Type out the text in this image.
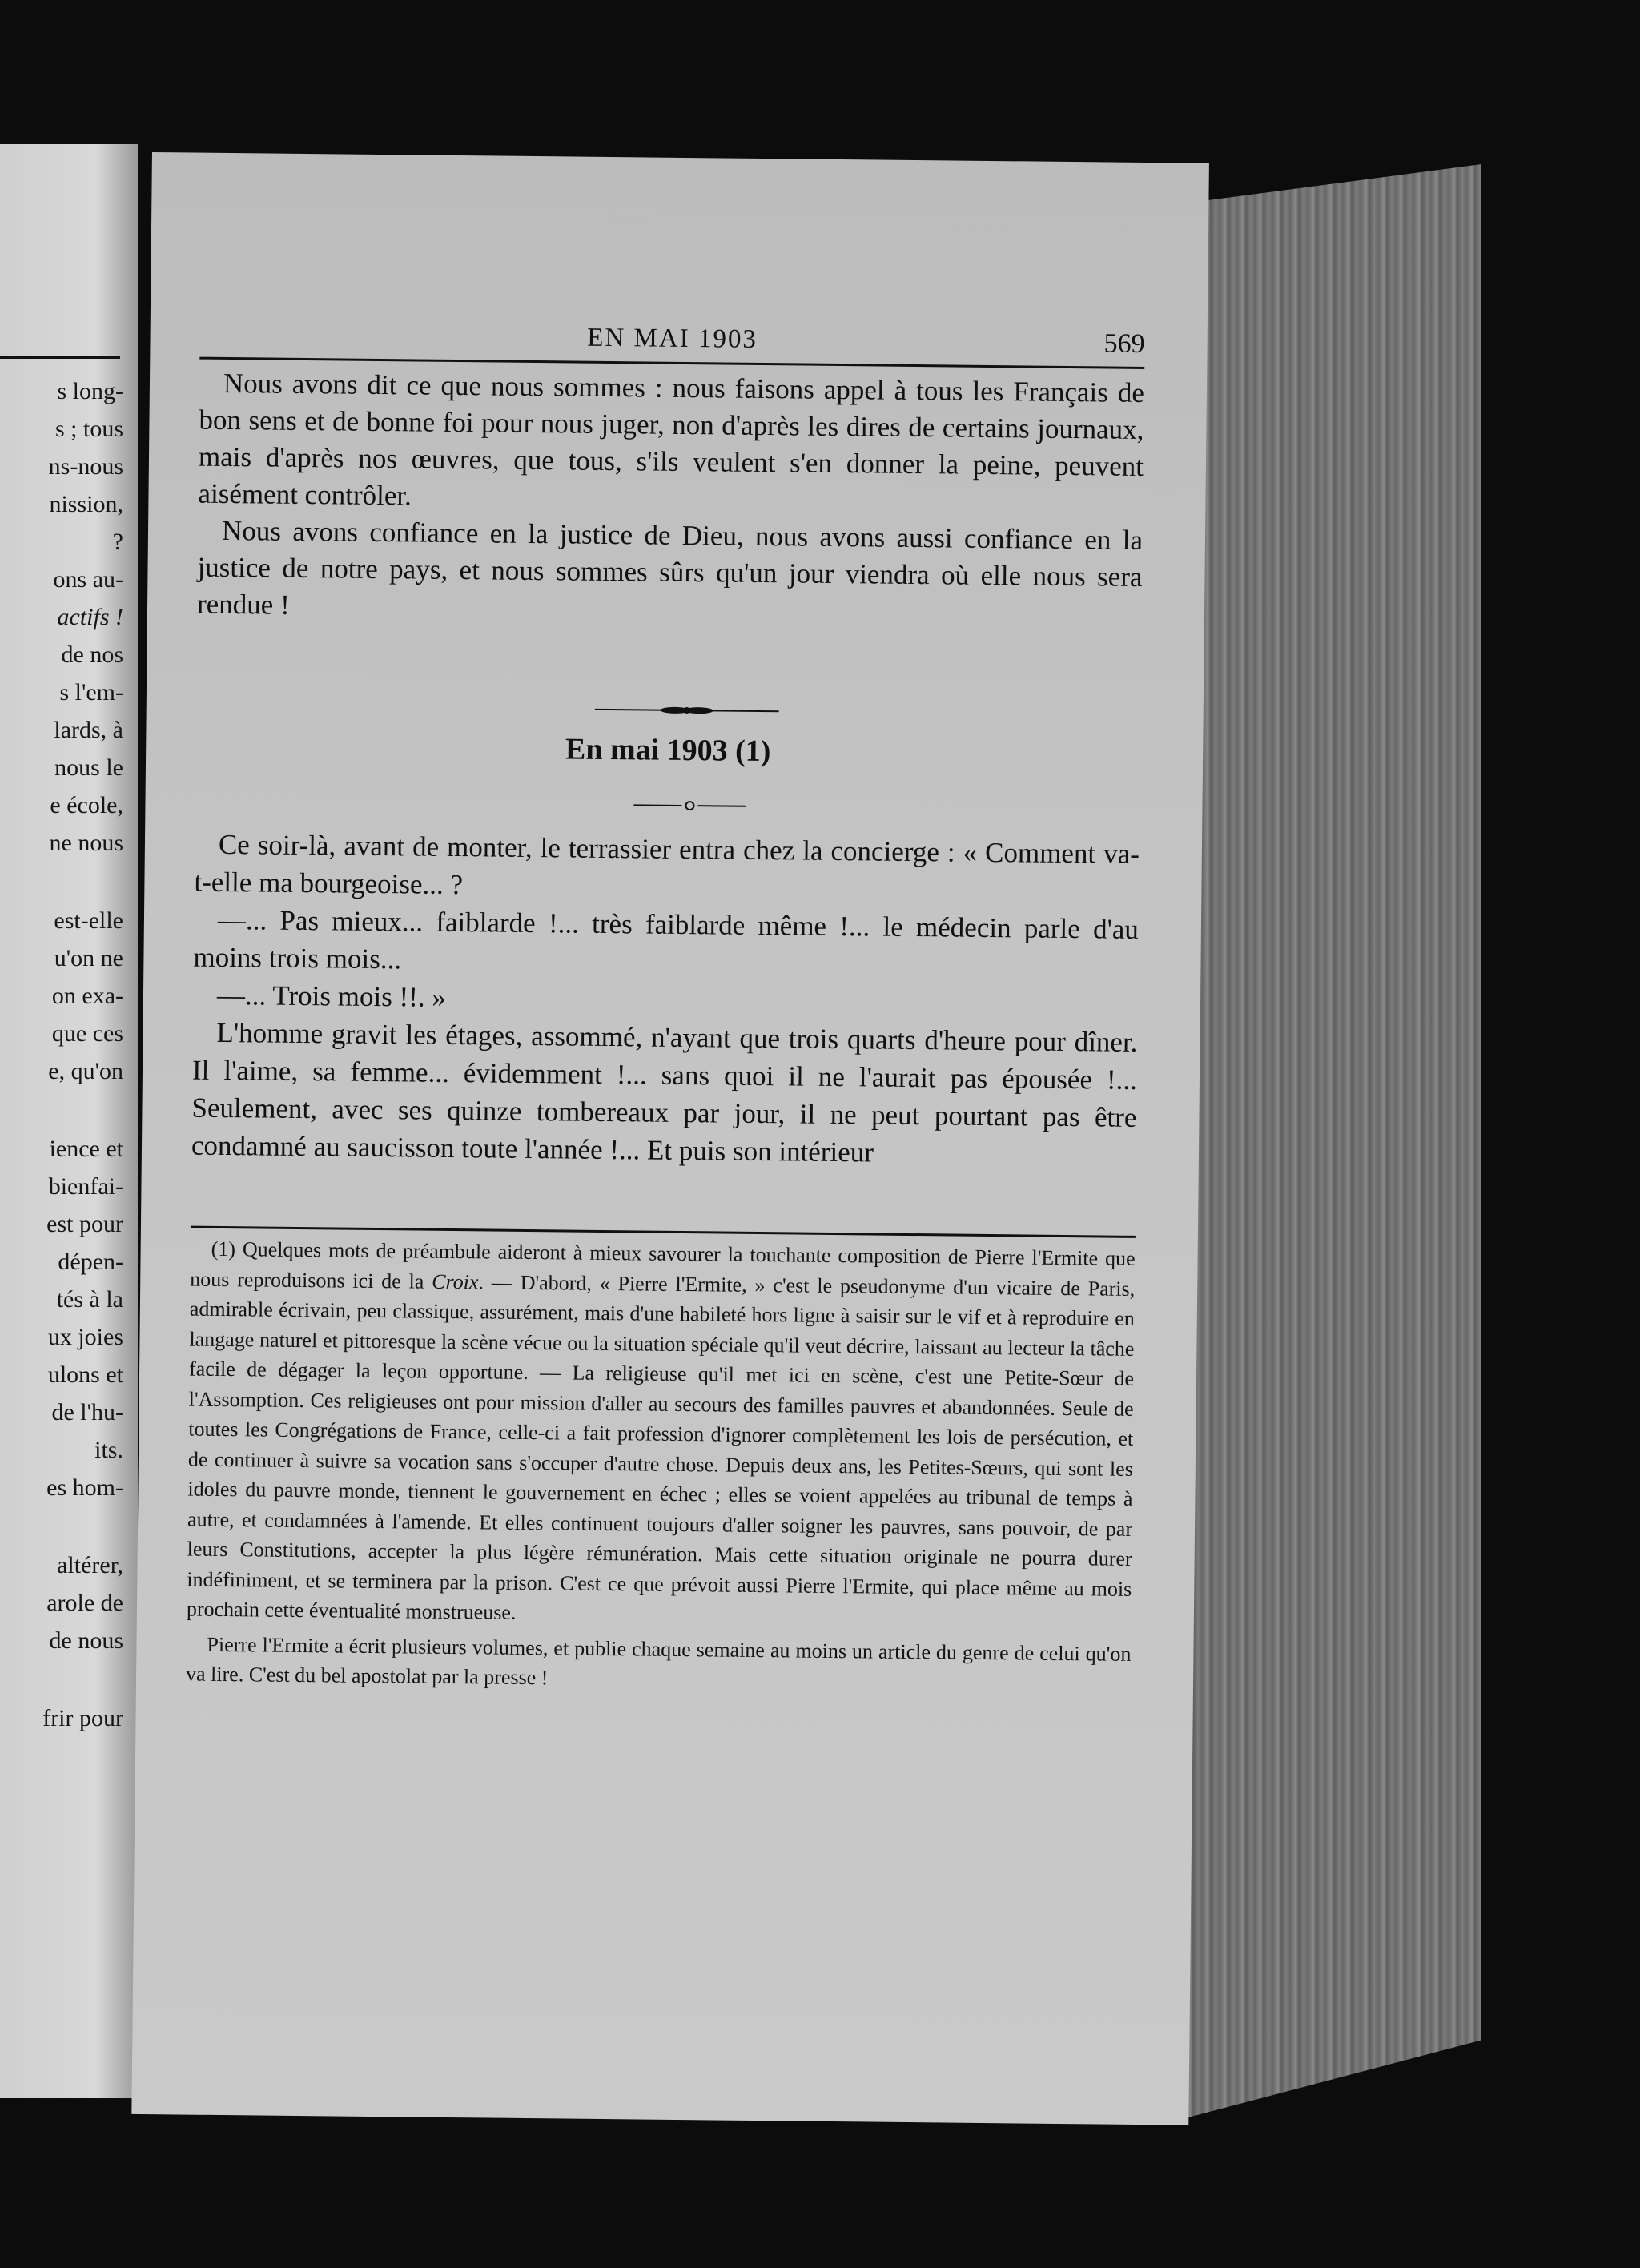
s long-
s ; tous
ns-nous
nission,
?
ons au-
actifs !
de nos
s l'em-
lards, à
nous le
e école,
ne nous
est-elle
u'on ne
on exa-
que ces
e, qu'on
ience et
bienfai-
est pour
dépen-
tés à la
ux joies
ulons et
de l'hu-
its.
es hom-
altérer,
arole de
de nous
frir pour
EN MAI 1903	569

Nous avons dit ce que nous sommes : nous faisons appel à tous les Français de bon sens et de bonne foi pour nous juger, non d'après les dires de certains journaux, mais d'après nos œuvres, que tous, s'ils veulent s'en donner la peine, peuvent aisément contrôler.

Nous avons confiance en la justice de Dieu, nous avons aussi confiance en la justice de notre pays, et nous sommes sûrs qu'un jour viendra où elle nous sera rendue !

En mai 1903 (1)

Ce soir-là, avant de monter, le terrassier entra chez la concierge : « Comment va-t-elle ma bourgeoise... ?

—... Pas mieux... faiblarde !... très faiblarde même !... le médecin parle d'au moins trois mois...

—... Trois mois !!. »

L'homme gravit les étages, assommé, n'ayant que trois quarts d'heure pour dîner. Il l'aime, sa femme... évidemment !... sans quoi il ne l'aurait pas épousée !... Seulement, avec ses quinze tombereaux par jour, il ne peut pourtant pas être condamné au saucisson toute l'année !... Et puis son intérieur

(1) Quelques mots de préambule aideront à mieux savourer la touchante composition de Pierre l'Ermite que nous reproduisons ici de la Croix. — D'abord, « Pierre l'Ermite, » c'est le pseudonyme d'un vicaire de Paris, admirable écrivain, peu classique, assurément, mais d'une habileté hors ligne à saisir sur le vif et à reproduire en langage naturel et pittoresque la scène vécue ou la situation spéciale qu'il veut décrire, laissant au lecteur la tâche facile de dégager la leçon opportune. — La religieuse qu'il met ici en scène, c'est une Petite-Sœur de l'Assomption. Ces religieuses ont pour mission d'aller au secours des familles pauvres et abandonnées. Seule de toutes les Congrégations de France, celle-ci a fait profession d'ignorer complètement les lois de persécution, et de continuer à suivre sa vocation sans s'occuper d'autre chose. Depuis deux ans, les Petites-Sœurs, qui sont les idoles du pauvre monde, tiennent le gouvernement en échec ; elles se voient appelées au tribunal de temps à autre, et condamnées à l'amende. Et elles continuent toujours d'aller soigner les pauvres, sans pouvoir, de par leurs Constitutions, accepter la plus légère rémunération. Mais cette situation originale ne pourra durer indéfiniment, et se terminera par la prison. C'est ce que prévoit aussi Pierre l'Ermite, qui place même au mois prochain cette éventualité monstrueuse.

Pierre l'Ermite a écrit plusieurs volumes, et publie chaque semaine au moins un article du genre de celui qu'on va lire. C'est du bel apostolat par la presse !
